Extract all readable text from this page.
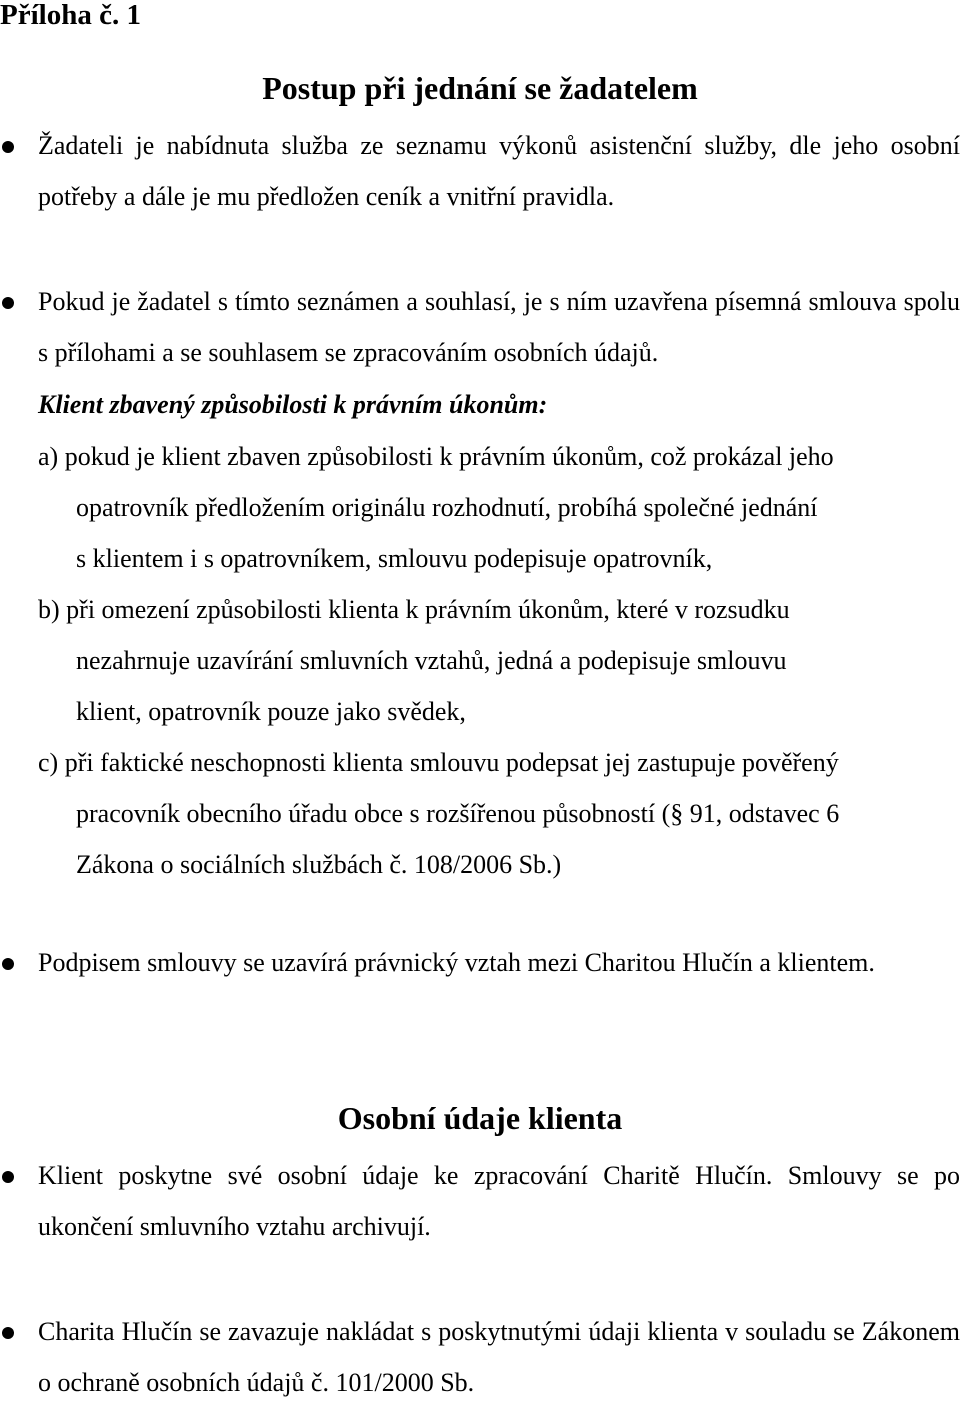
Příloha č. 1
Postup při jednání se žadatelem
Žadateli je nabídnuta služba ze seznamu výkonů asistenční služby, dle jeho osobní potřeby a dále je mu předložen ceník a vnitřní pravidla.
Pokud je žadatel s tímto seznámen a souhlasí, je s ním uzavřena písemná smlouva spolu s přílohami a se souhlasem se zpracováním osobních údajů.
Klient zbavený způsobilosti k právním úkonům:
a) pokud je klient zbaven způsobilosti k právním úkonům, což prokázal jeho
opatrovník předložením originálu rozhodnutí, probíhá společné jednání
s klientem i s opatrovníkem, smlouvu podepisuje opatrovník,
b) při omezení způsobilosti klienta k právním úkonům, které v rozsudku
nezahrnuje uzavírání smluvních vztahů, jedná a podepisuje smlouvu
klient, opatrovník pouze jako svědek,
c) při faktické neschopnosti klienta smlouvu podepsat jej zastupuje pověřený
pracovník obecního úřadu obce s rozšířenou působností (§ 91, odstavec 6
Zákona o sociálních službách č. 108/2006 Sb.)
Podpisem smlouvy se uzavírá právnický vztah mezi Charitou Hlučín a klientem.
Osobní údaje klienta
Klient poskytne své osobní údaje ke zpracování Charitě Hlučín. Smlouvy se po ukončení smluvního vztahu archivují.
Charita Hlučín se zavazuje nakládat s poskytnutými údaji klienta v souladu se Zákonem o ochraně osobních údajů č. 101/2000 Sb.
